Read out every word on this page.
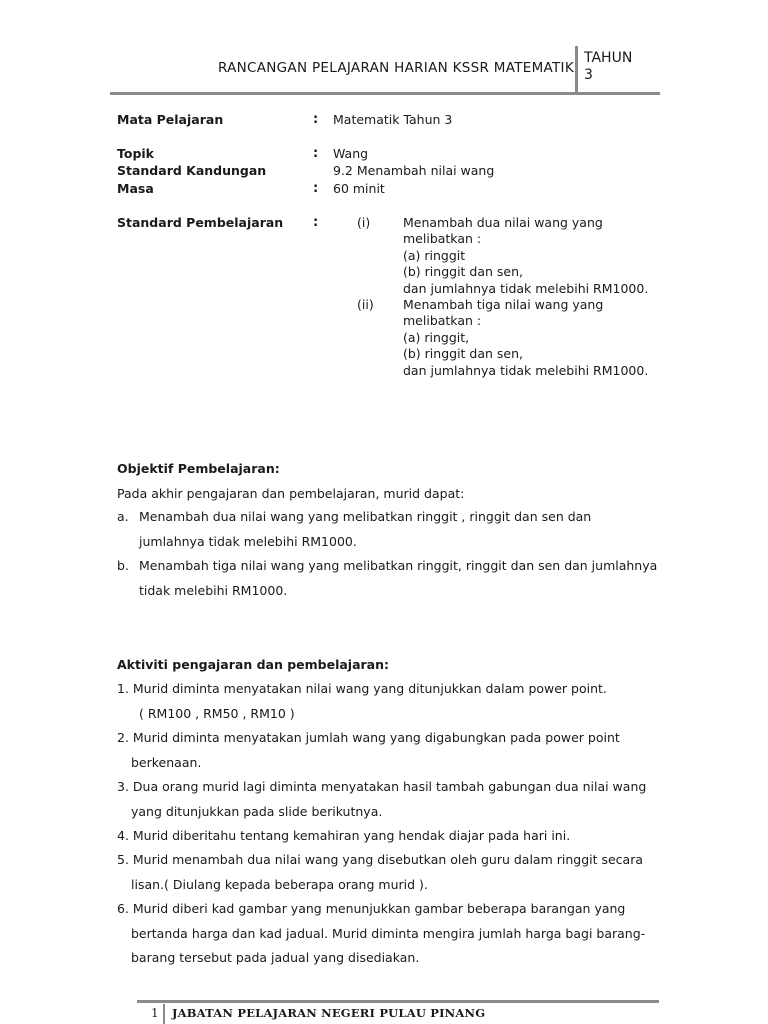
RANCANGAN PELAJARAN HARIAN KSSR MATEMATIK
TAHUN
3
Mata Pelajaran	: Matematik Tahun 3
Topik	: Wang
Standard Kandungan	9.2 Menambah nilai wang
Masa	: 60 minit
Standard Pembelajaran :	(i)	Menambah dua nilai wang yang
melibatkan :
(a) ringgit
(b) ringgit dan sen,
dan jumlahnya tidak melebihi RM1000.
(ii) Menambah tiga nilai wang yang
melibatkan :
(a) ringgit,
(b) ringgit dan sen,
dan jumlahnya tidak melebihi RM1000.
Objektif Pembelajaran:
Pada akhir pengajaran dan pembelajaran, murid dapat:
a. Menambah dua nilai wang yang melibatkan ringgit , ringgit dan sen dan
jumlahnya tidak melebihi RM1000.
b. Menambah tiga nilai wang yang melibatkan ringgit, ringgit dan sen dan jumlahnya
tidak melebihi RM1000.
Aktiviti pengajaran dan pembelajaran:
1. Murid diminta menyatakan nilai wang yang ditunjukkan dalam power point.
( RM100 , RM50 , RM10 )
2. Murid diminta menyatakan jumlah wang yang digabungkan pada power point
berkenaan.
3. Dua orang murid lagi diminta menyatakan hasil tambah gabungan dua nilai wang
yang ditunjukkan pada slide berikutnya.
4. Murid diberitahu tentang kemahiran yang hendak diajar pada hari ini.
5. Murid menambah dua nilai wang yang disebutkan oleh guru dalam ringgit secara
lisan.( Diulang kepada beberapa orang murid ).
6. Murid diberi kad gambar yang menunjukkan gambar beberapa barangan yang
bertanda harga dan kad jadual. Murid diminta mengira jumlah harga bagi barang-
barang tersebut pada jadual yang disediakan.
1 JABATAN PELAJARAN NEGERI PULAU PINANG
